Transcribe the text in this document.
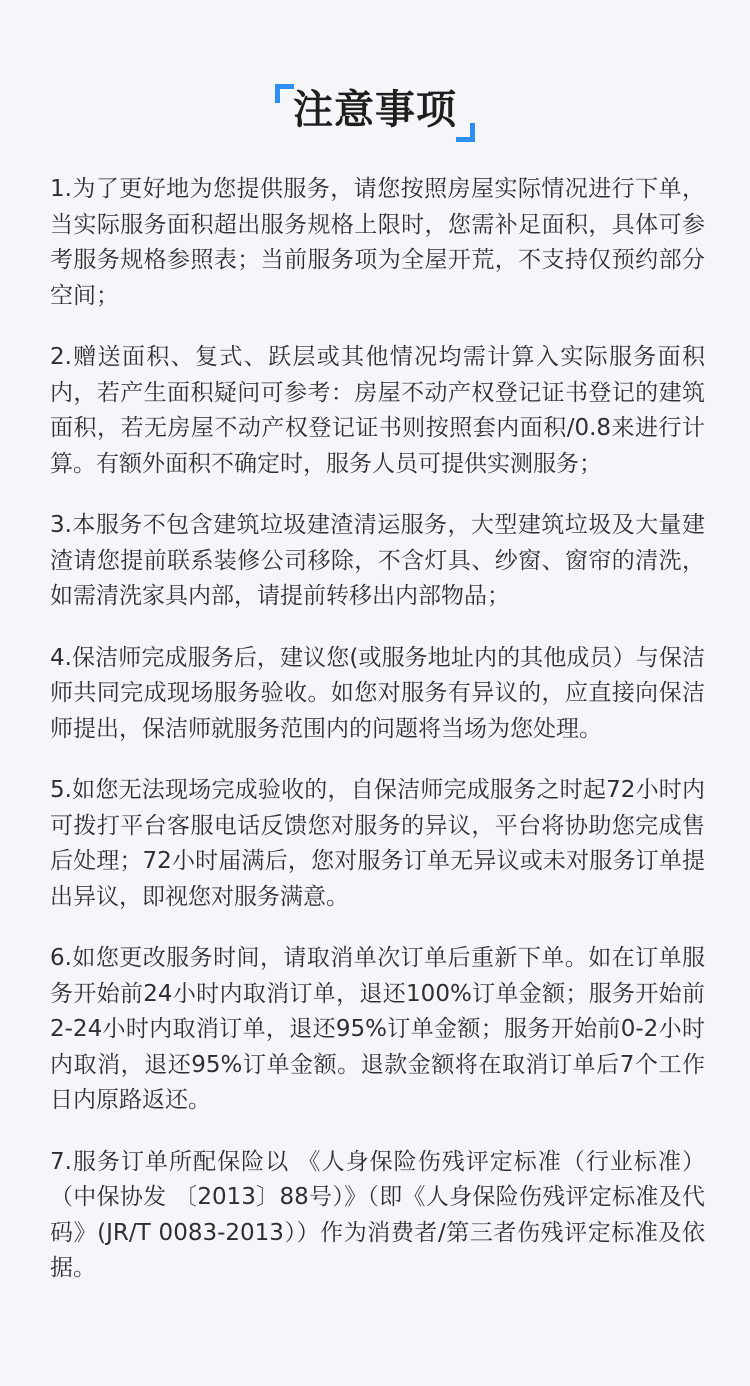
注意事项

1.为了更好地为您提供服务，请您按照房屋实际情况进行下单，当实际服务面积超出服务规格上限时，您需补足面积，具体可参考服务规格参照表；当前服务项为全屋开荒，不支持仅预约部分空间；

2.赠送面积、复式、跃层或其他情况均需计算入实际服务面积内，若产生面积疑问可参考：房屋不动产权登记证书登记的建筑面积，若无房屋不动产权登记证书则按照套内面积/0.8来进行计算。有额外面积不确定时，服务人员可提供实测服务；

3.本服务不包含建筑垃圾建渣清运服务，大型建筑垃圾及大量建渣请您提前联系装修公司移除，不含灯具、纱窗、窗帘的清洗，如需清洗家具内部，请提前转移出内部物品；

4.保洁师完成服务后，建议您(或服务地址内的其他成员）与保洁师共同完成现场服务验收。如您对服务有异议的，应直接向保洁师提出，保洁师就服务范围内的问题将当场为您处理。

5.如您无法现场完成验收的，自保洁师完成服务之时起72小时内可拨打平台客服电话反馈您对服务的异议，平台将协助您完成售后处理；72小时届满后，您对服务订单无异议或未对服务订单提出异议，即视您对服务满意。

6.如您更改服务时间，请取消单次订单后重新下单。如在订单服务开始前24小时内取消订单，退还100%订单金额；服务开始前2-24小时内取消订单，退还95%订单金额；服务开始前0-2小时内取消，退还95%订单金额。退款金额将在取消订单后7个工作日内原路返还。

7.服务订单所配保险以 《人身保险伤残评定标准（行业标准）（中保协发 〔2013〕88号）》（即《人身保险伤残评定标准及代码》(JR/T 0083-2013））作为消费者/第三者伤残评定标准及依据。
